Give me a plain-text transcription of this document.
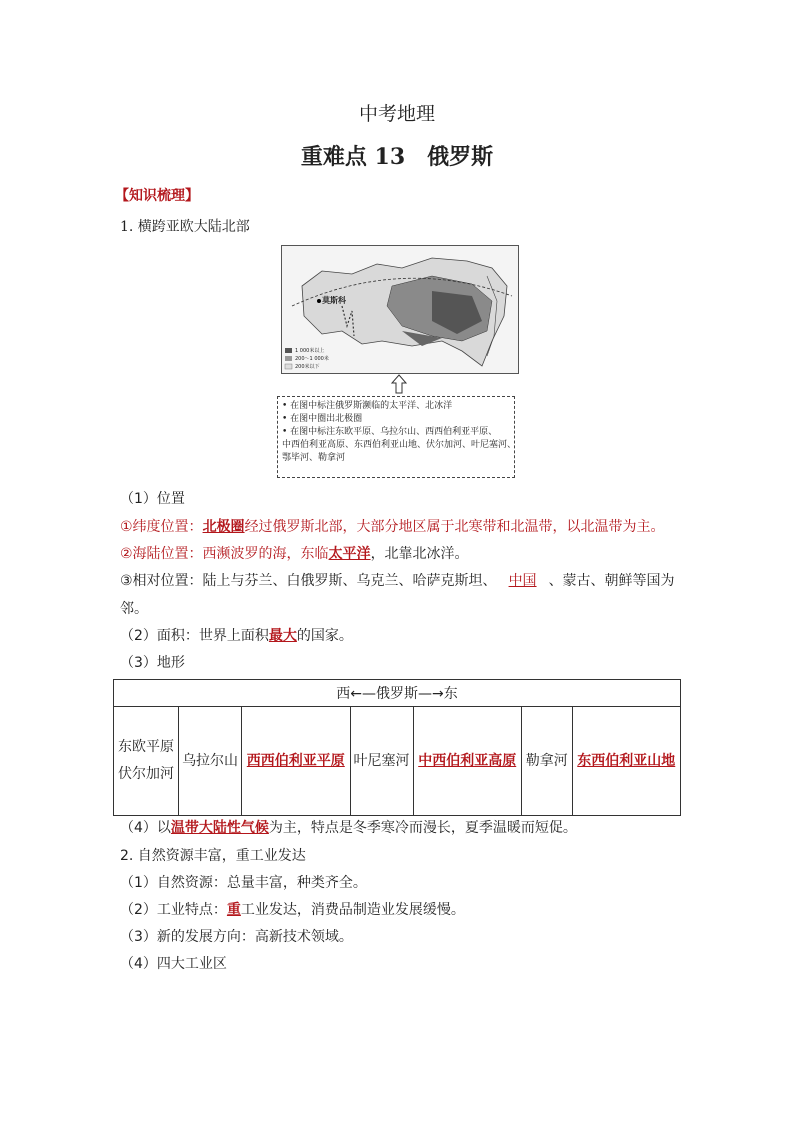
中考地理
重难点 13　俄罗斯
【知识梳理】
1. 横跨亚欧大陆北部
莫斯科
1 000米以上
200～1 000米
200米以下
• 在图中标注俄罗斯濒临的太平洋、北冰洋
• 在图中圈出北极圈
• 在图中标注东欧平原、乌拉尔山、西西伯利亚平原、
中西伯利亚高原、东西伯利亚山地、伏尔加河、叶尼塞河、
鄂毕河、勒拿河
（1）位置
①纬度位置：北极圈经过俄罗斯北部，大部分地区属于北寒带和北温带，以北温带为主。
②海陆位置：西濒波罗的海，东临太平洋，北靠北冰洋。
③相对位置：陆上与芬兰、白俄罗斯、乌克兰、哈萨克斯坦、 中国 、蒙古、朝鲜等国为
邻。
（2）面积：世界上面积最大的国家。
（3）地形
西←—俄罗斯—→东
东欧平原伏尔加河	乌拉尔山	西西伯利亚平原	叶尼塞河	中西伯利亚高原	勒拿河	东西伯利亚山地
（4）以温带大陆性气候为主，特点是冬季寒冷而漫长，夏季温暖而短促。
2. 自然资源丰富，重工业发达
（1）自然资源：总量丰富，种类齐全。
（2）工业特点：重工业发达，消费品制造业发展缓慢。
（3）新的发展方向：高新技术领域。
（4）四大工业区
